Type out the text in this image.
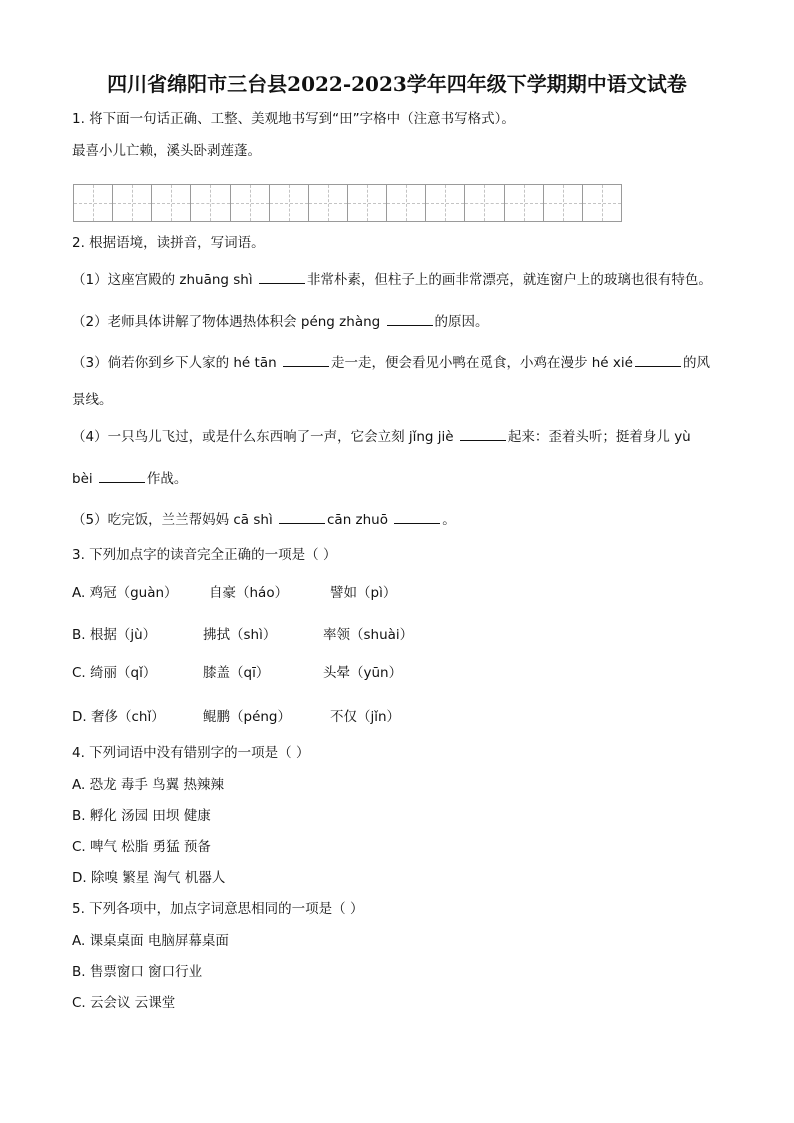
四川省绵阳市三台县2022-2023学年四年级下学期期中语文试卷
1. 将下面一句话正确、工整、美观地书写到“田”字格中（注意书写格式）。
最喜小儿亡赖，溪头卧剥莲蓬。
2. 根据语境，读拼音，写词语。
（1）这座宫殿的 zhuāng shì	非常朴素，但柱子上的画非常漂亮，就连窗户上的玻璃也很有特色。
（2）老师具体讲解了物体遇热体积会 péng zhàng	的原因。
（3）倘若你到乡下人家的 hé tān	走一走，便会看见小鸭在觅食，小鸡在漫步 hé xié	的风
景线。
（4）一只鸟儿飞过，或是什么东西响了一声，它会立刻 jǐng jiè	起来：歪着头听；挺着身儿 yù
bèi	作战。
（5）吃完饭，兰兰帮妈妈 cā shì	cān zhuō	。
3. 下列加点字的读音完全正确的一项是（ ）
A. 鸡冠（guàn） 自豪（háo）	譬如（pì）
B. 根据（jù）	拂拭（shì）	率领（shuài）
C. 绮丽（qǐ）	膝盖（qī）	头晕（yūn）
D. 奢侈（chǐ）	鲲鹏（péng）	不仅（jǐn）
4. 下列词语中没有错别字的一项是（ ）
A. 恐龙 毒手 鸟翼 热辣辣
B. 孵化 汤园 田坝 健康
C. 啤气 松脂 勇猛 预备
D. 除嗅 繁星 淘气 机器人
5. 下列各项中，加点字词意思相同的一项是（ ）
A. 课桌桌面 电脑屏幕桌面
B. 售票窗口 窗口行业
C. 云会议 云课堂
